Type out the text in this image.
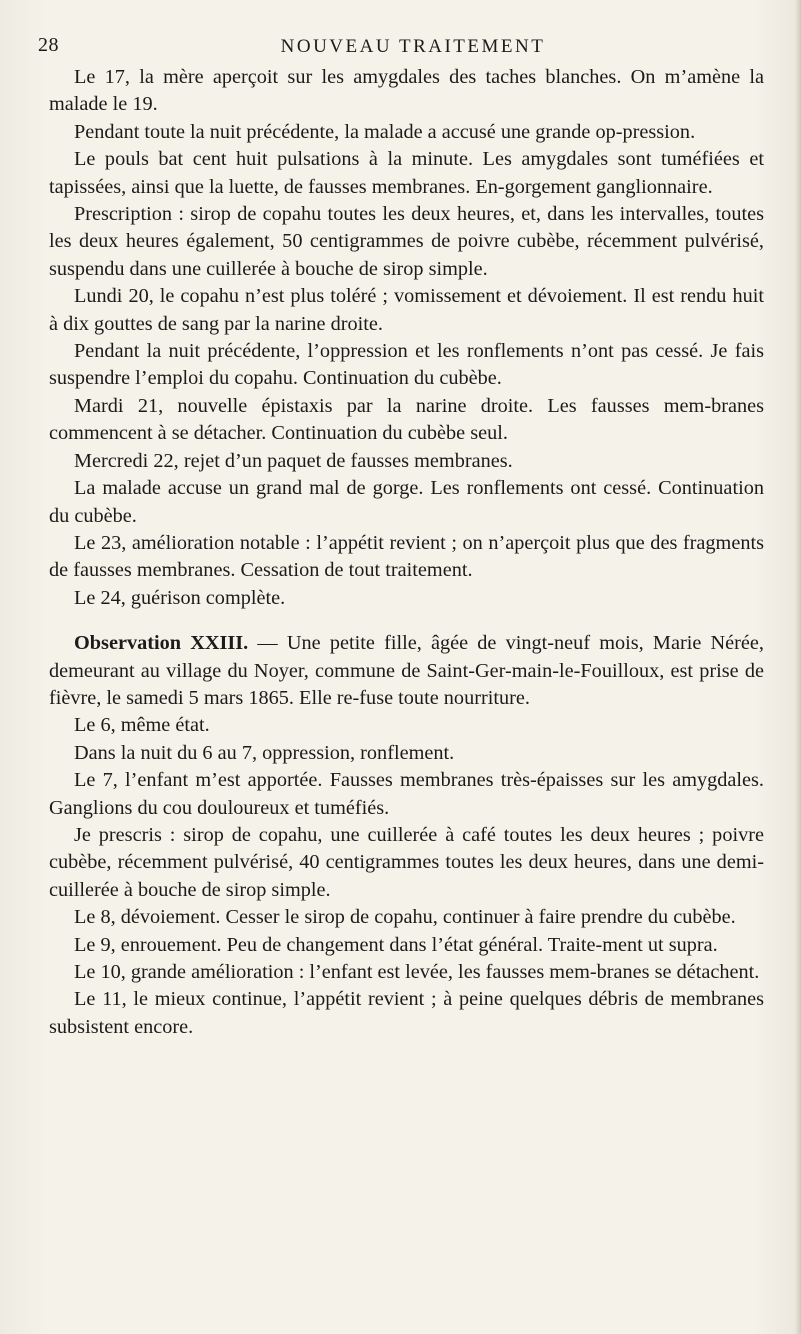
28	NOUVEAU TRAITEMENT

Le 17, la mère aperçoit sur les amygdales des taches blanches. On m’amène la malade le 19.

Pendant toute la nuit précédente, la malade a accusé une grande op-pression.

Le pouls bat cent huit pulsations à la minute. Les amygdales sont tuméfiées et tapissées, ainsi que la luette, de fausses membranes. En-gorgement ganglionnaire.

Prescription : sirop de copahu toutes les deux heures, et, dans les intervalles, toutes les deux heures également, 50 centigrammes de poivre cubèbe, récemment pulvérisé, suspendu dans une cuillerée à bouche de sirop simple.

Lundi 20, le copahu n’est plus toléré ; vomissement et dévoiement. Il est rendu huit à dix gouttes de sang par la narine droite.

Pendant la nuit précédente, l’oppression et les ronflements n’ont pas cessé. Je fais suspendre l’emploi du copahu. Continuation du cubèbe.

Mardi 21, nouvelle épistaxis par la narine droite. Les fausses mem-branes commencent à se détacher. Continuation du cubèbe seul.

Mercredi 22, rejet d’un paquet de fausses membranes.

La malade accuse un grand mal de gorge. Les ronflements ont cessé. Continuation du cubèbe.

Le 23, amélioration notable : l’appétit revient ; on n’aperçoit plus que des fragments de fausses membranes. Cessation de tout traitement.

Le 24, guérison complète.

Observation XXIII. — Une petite fille, âgée de vingt-neuf mois, Marie Nérée, demeurant au village du Noyer, commune de Saint-Ger-main-le-Fouilloux, est prise de fièvre, le samedi 5 mars 1865. Elle re-fuse toute nourriture.

Le 6, même état.

Dans la nuit du 6 au 7, oppression, ronflement.

Le 7, l’enfant m’est apportée. Fausses membranes très-épaisses sur les amygdales. Ganglions du cou douloureux et tuméfiés.

Je prescris : sirop de copahu, une cuillerée à café toutes les deux heures ; poivre cubèbe, récemment pulvérisé, 40 centigrammes toutes les deux heures, dans une demi-cuillerée à bouche de sirop simple.

Le 8, dévoiement. Cesser le sirop de copahu, continuer à faire prendre du cubèbe.

Le 9, enrouement. Peu de changement dans l’état général. Traite-ment ut supra.

Le 10, grande amélioration : l’enfant est levée, les fausses mem-branes se détachent.

Le 11, le mieux continue, l’appétit revient ; à peine quelques débris de membranes subsistent encore.
